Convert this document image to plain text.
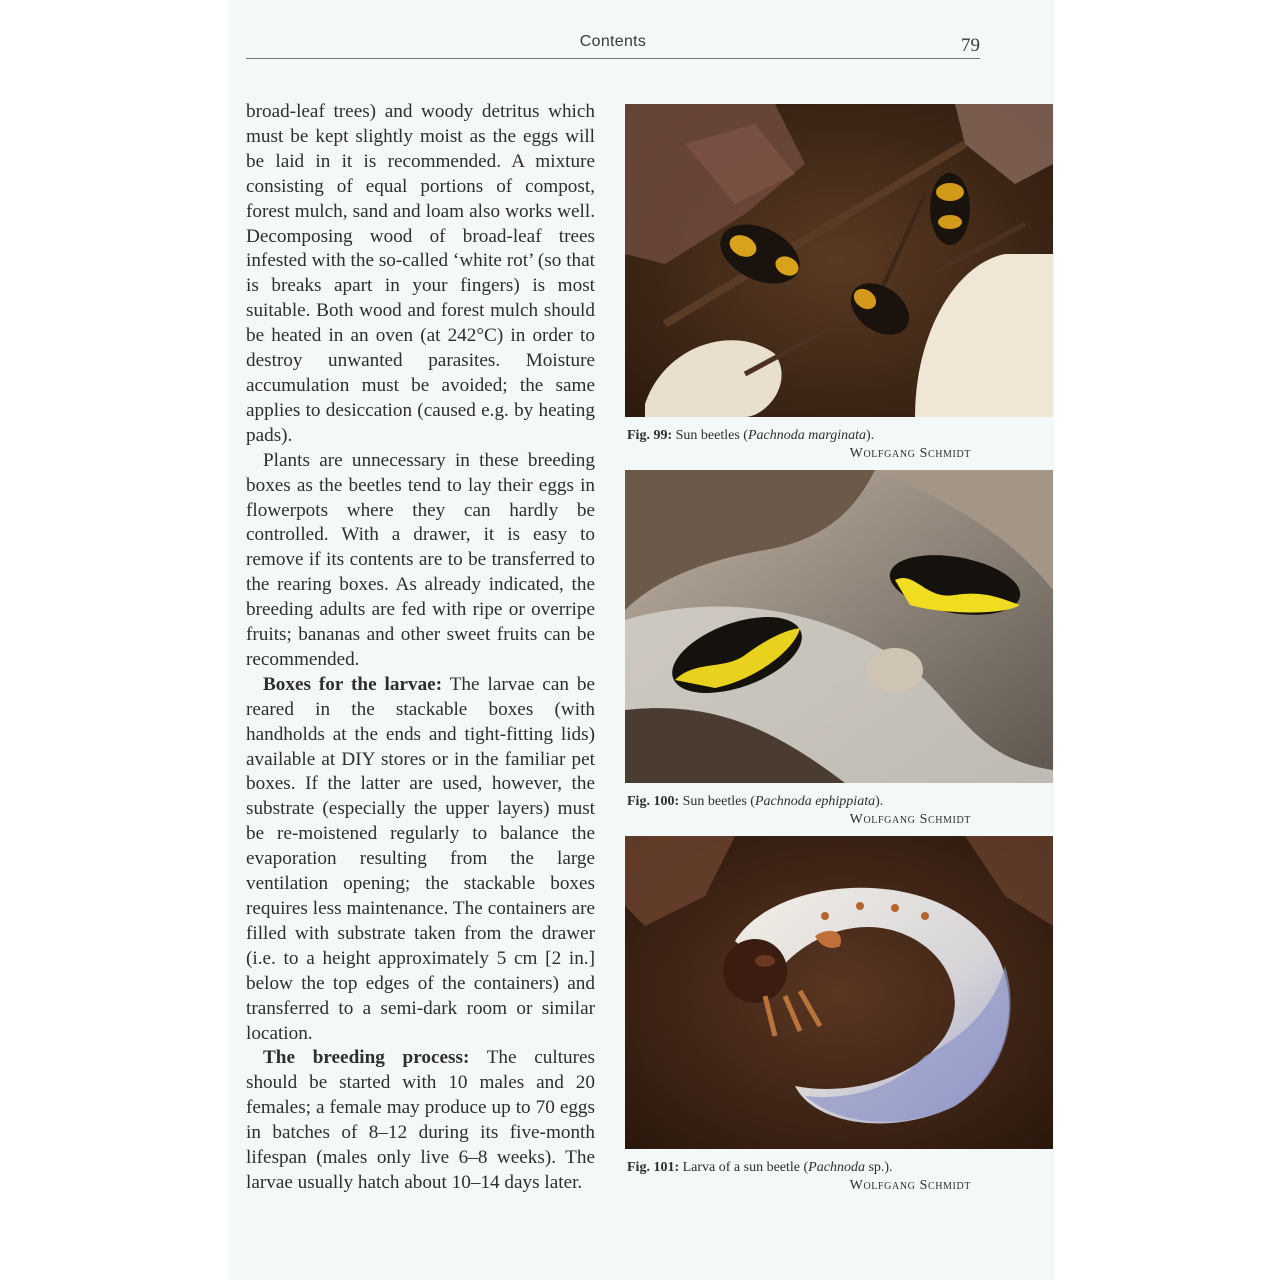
Contents	79

broad-leaf trees) and woody detritus which must be kept slightly moist as the eggs will be laid in it is recommended. A mixture consisting of equal portions of compost, forest mulch, sand and loam also works well. Decomposing wood of broad-leaf trees infested with the so-called ‘white rot’ (so that is breaks apart in your fingers) is most suitable. Both wood and forest mulch should be heated in an oven (at 242°C) in order to destroy unwanted parasites. Moisture accumulation must be avoided; the same applies to desiccation (caused e.g. by heating pads).

Plants are unnecessary in these breeding boxes as the beetles tend to lay their eggs in flowerpots where they can hardly be controlled. With a drawer, it is easy to remove if its contents are to be transferred to the rearing boxes. As already indicated, the breeding adults are fed with ripe or overripe fruits; bananas and other sweet fruits can be recommended.

Boxes for the larvae: The larvae can be reared in the stackable boxes (with handholds at the ends and tight-fitting lids) available at DIY stores or in the familiar pet boxes. If the latter are used, however, the substrate (especially the upper layers) must be re-moistened regularly to balance the evaporation resulting from the large ventilation opening; the stackable boxes requires less maintenance. The containers are filled with substrate taken from the drawer (i.e. to a height approximately 5 cm [2 in.] below the top edges of the containers) and transferred to a semi-dark room or similar location.

The breeding process: The cultures should be started with 10 males and 20 females; a female may produce up to 70 eggs in batches of 8–12 during its five-month lifespan (males only live 6–8 weeks). The larvae usually hatch about 10–14 days later.

Fig. 99: Sun beetles (Pachnoda marginata).
Wolfgang Schmidt
Fig. 100: Sun beetles (Pachnoda ephippiata).
Wolfgang Schmidt
Fig. 101: Larva of a sun beetle (Pachnoda sp.).
Wolfgang Schmidt
